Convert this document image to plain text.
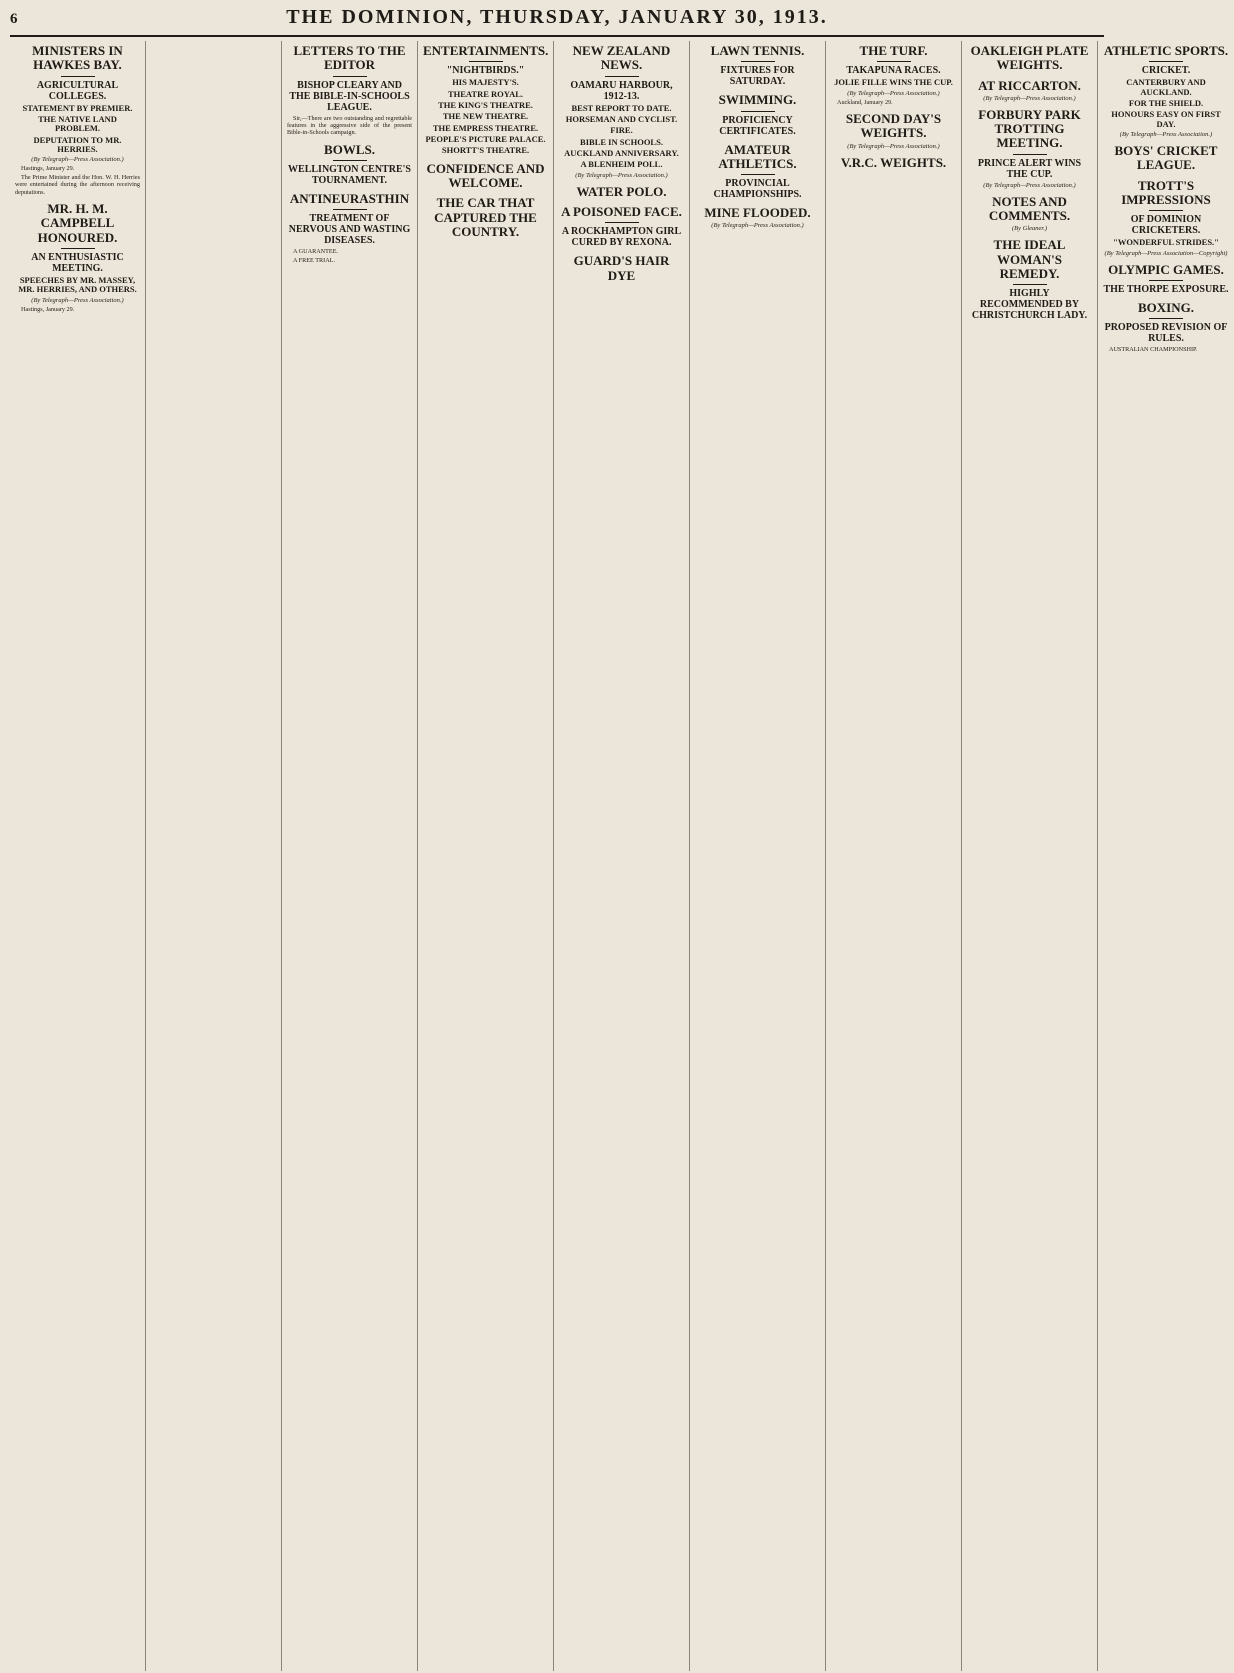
6	THE DOMINION, THURSDAY, JANUARY 30, 1913.
MINISTERS IN HAWKES BAY.
AGRICULTURAL COLLEGES.
STATEMENT BY PREMIER.
THE NATIVE LAND PROBLEM.
DEPUTATION TO MR. HERRIES.
(By Telegraph—Press Association.)

Hastings, January 29.

The Prime Minister and the Hon. W. H. Herries were entertained during the afternoon receiving deputations.

MR. H. M. CAMPBELL HONOURED.
AN ENTHUSIASTIC MEETING.
SPEECHES BY MR. MASSEY, MR. HERRIES, AND OTHERS.
(By Telegraph—Press Association.)

Hastings, January 29.

LETTERS TO THE EDITOR
BISHOP CLEARY AND THE BIBLE-IN-SCHOOLS LEAGUE.

Sir,—There are two outstanding and regrettable features in the aggressive side of the present Bible-in-Schools campaign.

BOWLS.
WELLINGTON CENTRE'S TOURNAMENT.
ANTINEURASTHIN
TREATMENT OF NERVOUS AND WASTING DISEASES.

A GUARANTEE.

A FREE TRIAL.

ENTERTAINMENTS.
"NIGHTBIRDS."
HIS MAJESTY'S.
THEATRE ROYAL.
THE KING'S THEATRE.
THE NEW THEATRE.
THE EMPRESS THEATRE.
PEOPLE'S PICTURE PALACE.
SHORTT'S THEATRE.
CONFIDENCE AND WELCOME.
THE CAR THAT CAPTURED THE COUNTRY.
NEW ZEALAND NEWS.
OAMARU HARBOUR, 1912-13.
BEST REPORT TO DATE.
HORSEMAN AND CYCLIST.
FIRE.
BIBLE IN SCHOOLS.
AUCKLAND ANNIVERSARY.
A BLENHEIM POLL.
(By Telegraph—Press Association.)
WATER POLO.
A POISONED FACE.
A ROCKHAMPTON GIRL CURED BY REXONA.
GUARD'S HAIR DYE
LAWN TENNIS.
FIXTURES FOR SATURDAY.
SWIMMING.
PROFICIENCY CERTIFICATES.
AMATEUR ATHLETICS.
PROVINCIAL CHAMPIONSHIPS.
MINE FLOODED.
(By Telegraph—Press Association.)
THE TURF.
TAKAPUNA RACES.
JOLIE FILLE WINS THE CUP.
(By Telegraph—Press Association.)

Auckland, January 29.

SECOND DAY'S WEIGHTS.
(By Telegraph—Press Association.)
V.R.C. WEIGHTS.
OAKLEIGH PLATE WEIGHTS.
AT RICCARTON.
(By Telegraph—Press Association.)
FORBURY PARK TROTTING MEETING.
PRINCE ALERT WINS THE CUP.
(By Telegraph—Press Association.)
NOTES AND COMMENTS.
(By Gleaner.)
THE IDEAL WOMAN'S REMEDY.
HIGHLY RECOMMENDED BY CHRISTCHURCH LADY.
ATHLETIC SPORTS.
CRICKET.
CANTERBURY AND AUCKLAND.
FOR THE SHIELD.
HONOURS EASY ON FIRST DAY.
(By Telegraph—Press Association.)
BOYS' CRICKET LEAGUE.
TROTT'S IMPRESSIONS
OF DOMINION CRICKETERS.
"WONDERFUL STRIDES."
(By Telegraph—Press Association—Copyright)
OLYMPIC GAMES.
THE THORPE EXPOSURE.
BOXING.
PROPOSED REVISION OF RULES.

AUSTRALIAN CHAMPIONSHIP.
